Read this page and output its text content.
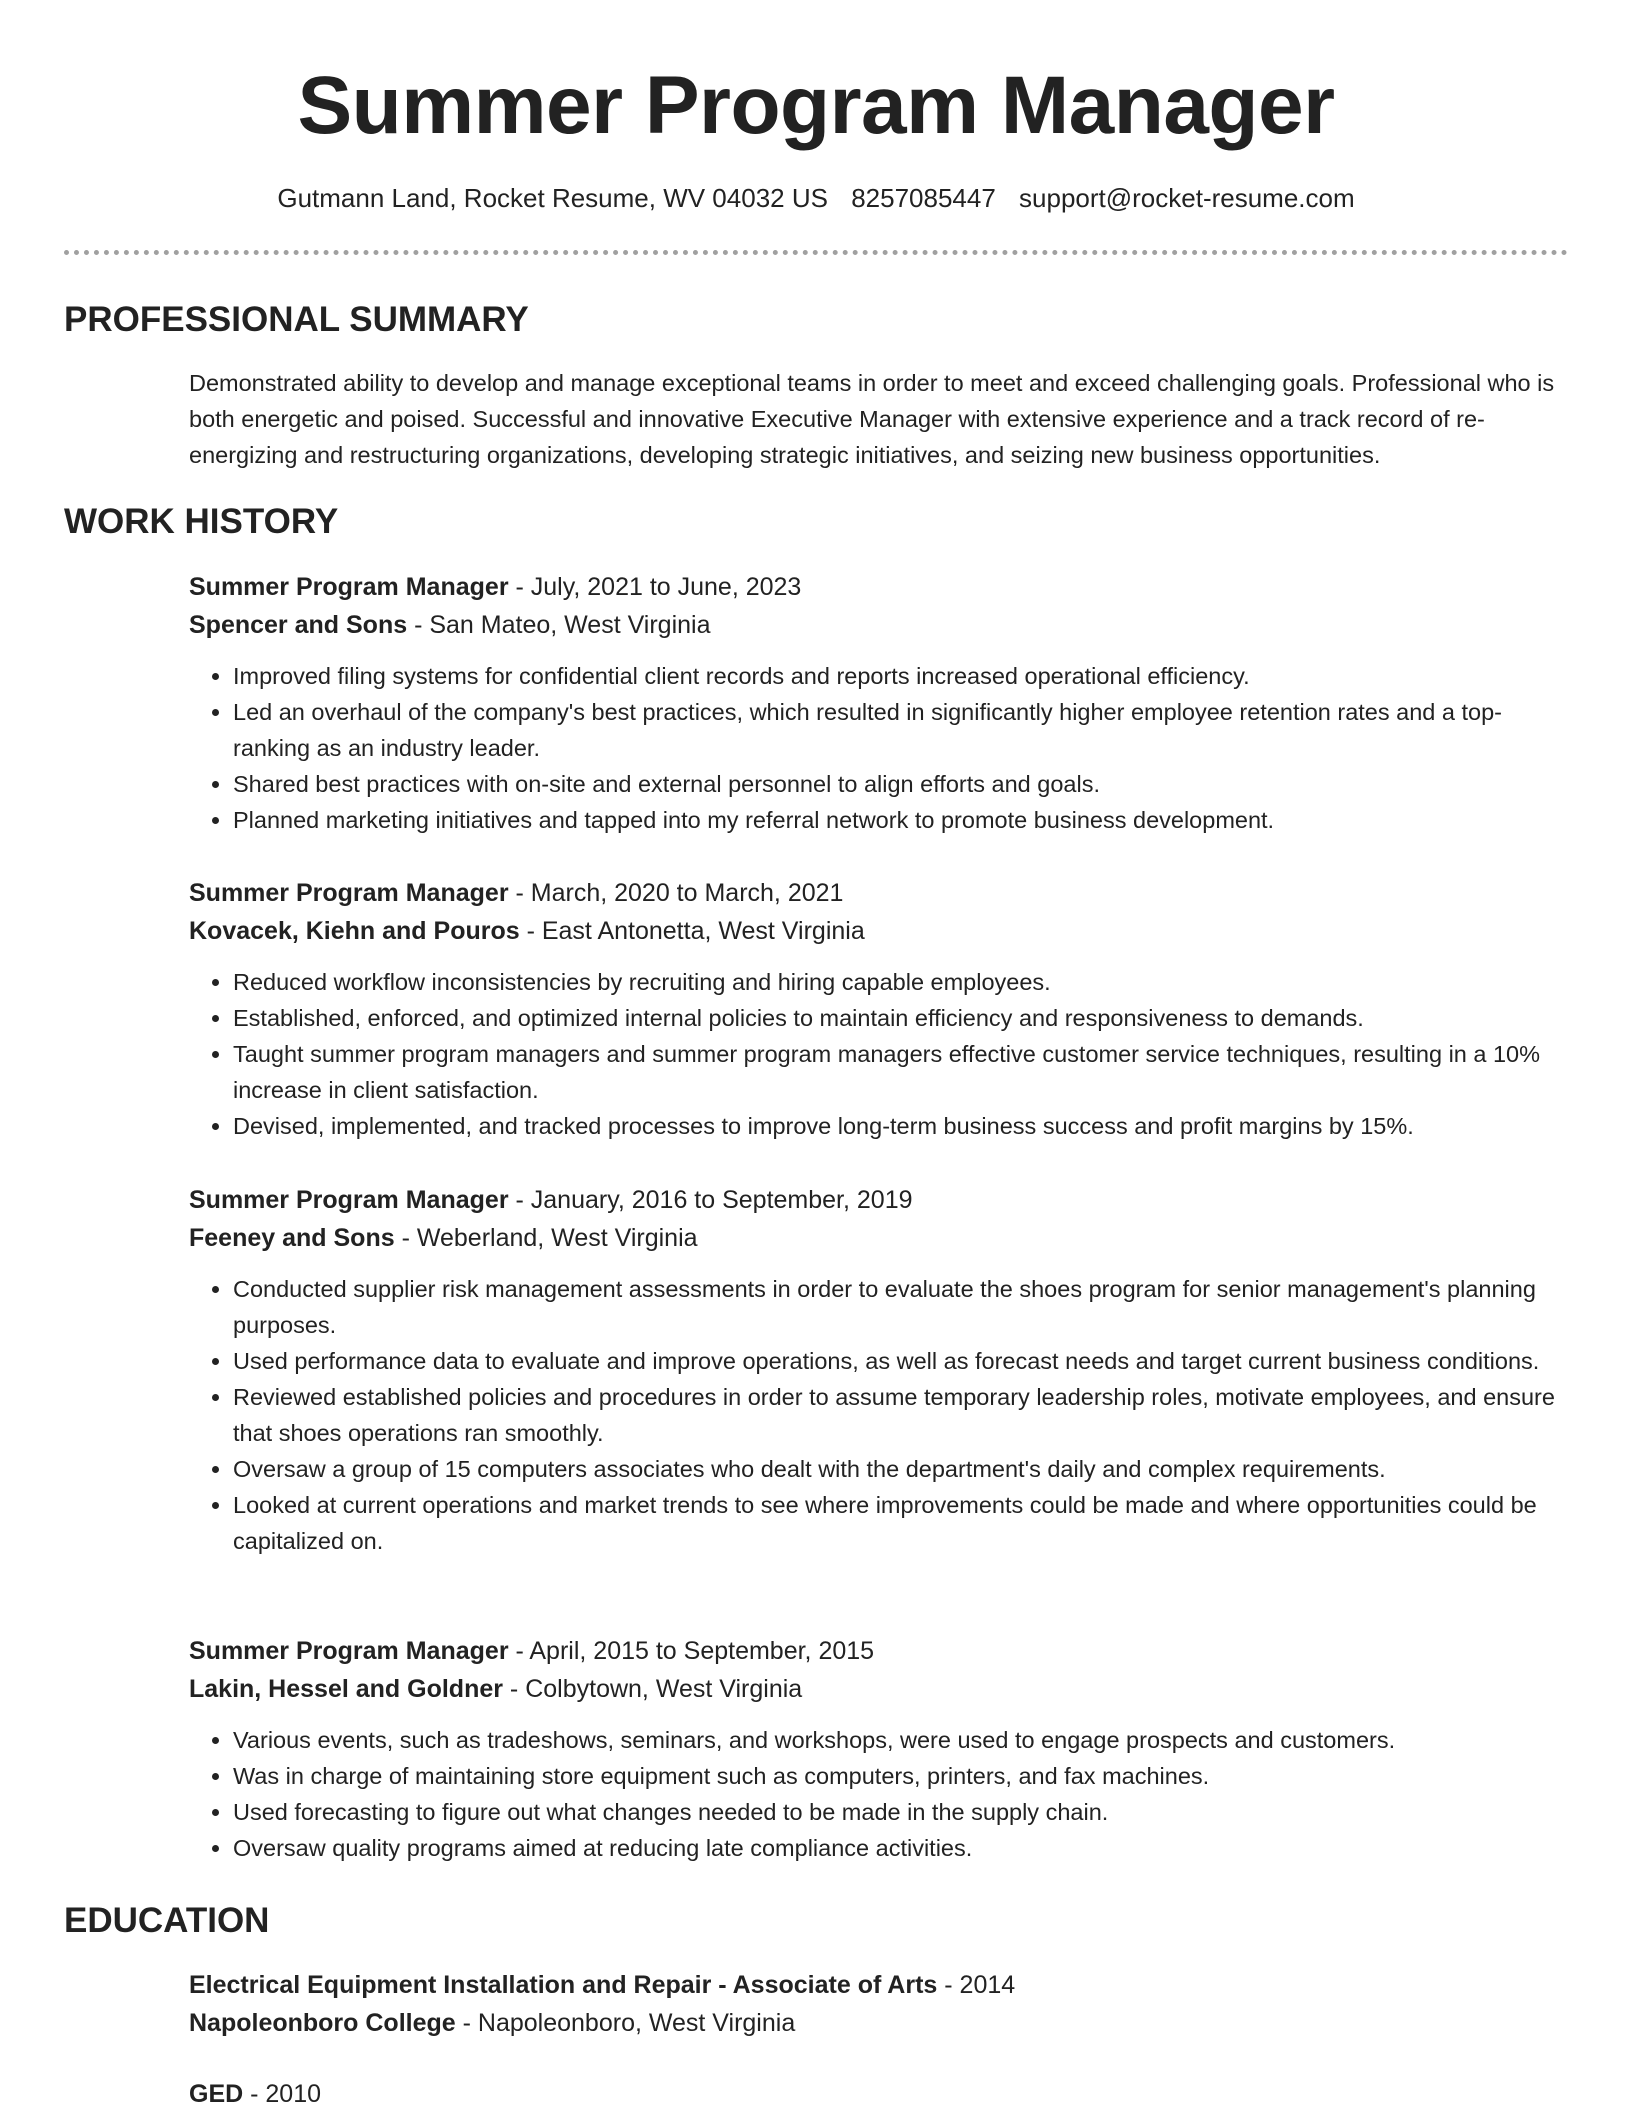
Summer Program Manager
Gutmann Land, Rocket Resume, WV 04032 US 8257085447 support@rocket-resume.com
PROFESSIONAL SUMMARY
Demonstrated ability to develop and manage exceptional teams in order to meet and exceed challenging goals. Professional who is both energetic and poised. Successful and innovative Executive Manager with extensive experience and a track record of re-energizing and restructuring organizations, developing strategic initiatives, and seizing new business opportunities.
WORK HISTORY
Summer Program Manager - July, 2021 to June, 2023
Spencer and Sons - San Mateo, West Virginia
• Improved filing systems for confidential client records and reports increased operational efficiency.
• Led an overhaul of the company's best practices, which resulted in significantly higher employee retention rates and a top-ranking as an industry leader.
• Shared best practices with on-site and external personnel to align efforts and goals.
• Planned marketing initiatives and tapped into my referral network to promote business development.
Summer Program Manager - March, 2020 to March, 2021
Kovacek, Kiehn and Pouros - East Antonetta, West Virginia
• Reduced workflow inconsistencies by recruiting and hiring capable employees.
• Established, enforced, and optimized internal policies to maintain efficiency and responsiveness to demands.
• Taught summer program managers and summer program managers effective customer service techniques, resulting in a 10% increase in client satisfaction.
• Devised, implemented, and tracked processes to improve long-term business success and profit margins by 15%.
Summer Program Manager - January, 2016 to September, 2019
Feeney and Sons - Weberland, West Virginia
• Conducted supplier risk management assessments in order to evaluate the shoes program for senior management's planning purposes.
• Used performance data to evaluate and improve operations, as well as forecast needs and target current business conditions.
• Reviewed established policies and procedures in order to assume temporary leadership roles, motivate employees, and ensure that shoes operations ran smoothly.
• Oversaw a group of 15 computers associates who dealt with the department's daily and complex requirements.
• Looked at current operations and market trends to see where improvements could be made and where opportunities could be capitalized on.
Summer Program Manager - April, 2015 to September, 2015
Lakin, Hessel and Goldner - Colbytown, West Virginia
• Various events, such as tradeshows, seminars, and workshops, were used to engage prospects and customers.
• Was in charge of maintaining store equipment such as computers, printers, and fax machines.
• Used forecasting to figure out what changes needed to be made in the supply chain.
• Oversaw quality programs aimed at reducing late compliance activities.
EDUCATION
Electrical Equipment Installation and Repair - Associate of Arts - 2014
Napoleonboro College - Napoleonboro, West Virginia
GED - 2010
